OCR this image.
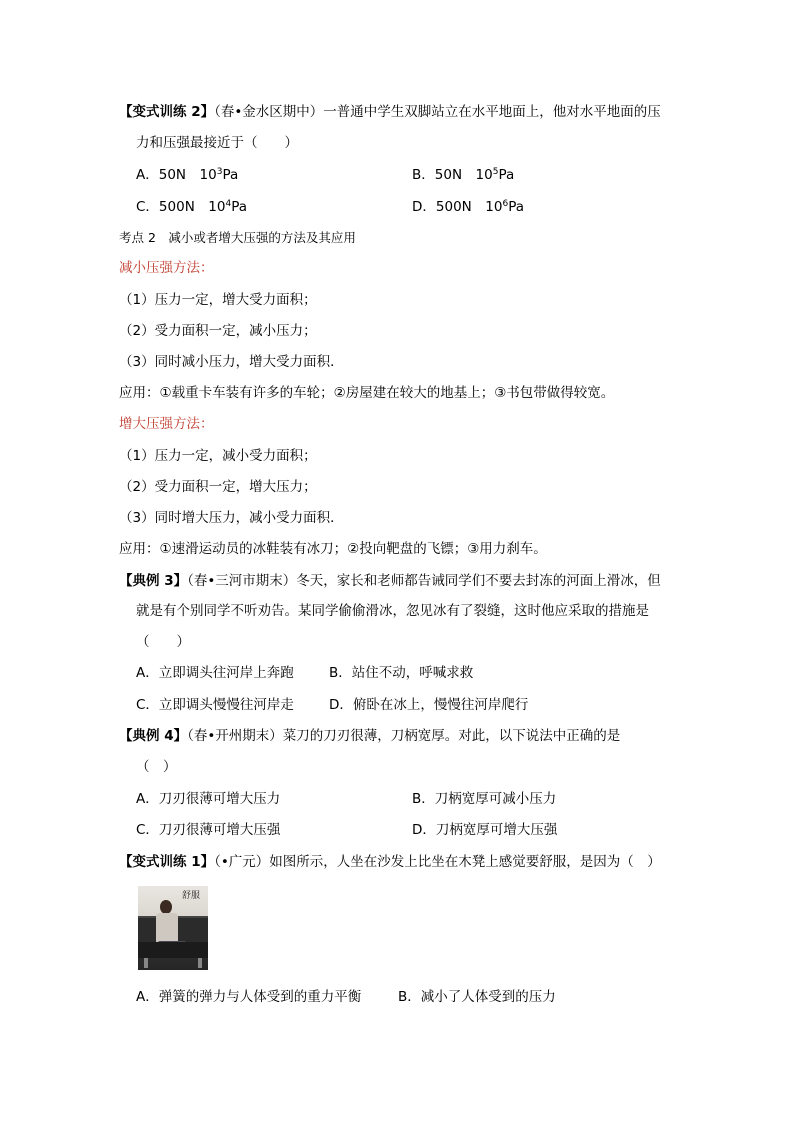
【变式训练 2】（春•金水区期中）一普通中学生双脚站立在水平地面上，他对水平地面的压
力和压强最接近于（　　）
A．50N　$10^3Pa$	B．50N　$10^5Pa$
C．500N　$10^4Pa$	D．500N　$10^6Pa$
考点 2　减小或者增大压强的方法及其应用
减小压强方法：
（1）压力一定，增大受力面积；
（2）受力面积一定，减小压力；
（3）同时减小压力，增大受力面积．
应用：①载重卡车装有许多的车轮；②房屋建在较大的地基上；③书包带做得较宽。
增大压强方法：
（1）压力一定，减小受力面积；
（2）受力面积一定，增大压力；
（3）同时增大压力，减小受力面积．
应用：①速滑运动员的冰鞋装有冰刀；②投向靶盘的飞镖；③用力刹车。
【典例 3】（春•三河市期末）冬天，家长和老师都告诫同学们不要去封冻的河面上滑冰，但
就是有个别同学不听劝告。某同学偷偷滑冰，忽见冰有了裂缝，这时他应采取的措施是
（　　）
A．立即调头往河岸上奔跑	B．站住不动，呼喊求救
C．立即调头慢慢往河岸走	D．俯卧在冰上，慢慢往河岸爬行
【典例 4】（春•开州期末）菜刀的刀刃很薄，刀柄宽厚。对此，以下说法中正确的是
（　）
A．刀刃很薄可增大压力	B．刀柄宽厚可减小压力
C．刀刃很薄可增大压强	D．刀柄宽厚可增大压强
【变式训练 1】（•广元）如图所示，人坐在沙发上比坐在木凳上感觉要舒服，是因为（　）
舒服
A．弹簧的弹力与人体受到的重力平衡	B．减小了人体受到的压力
